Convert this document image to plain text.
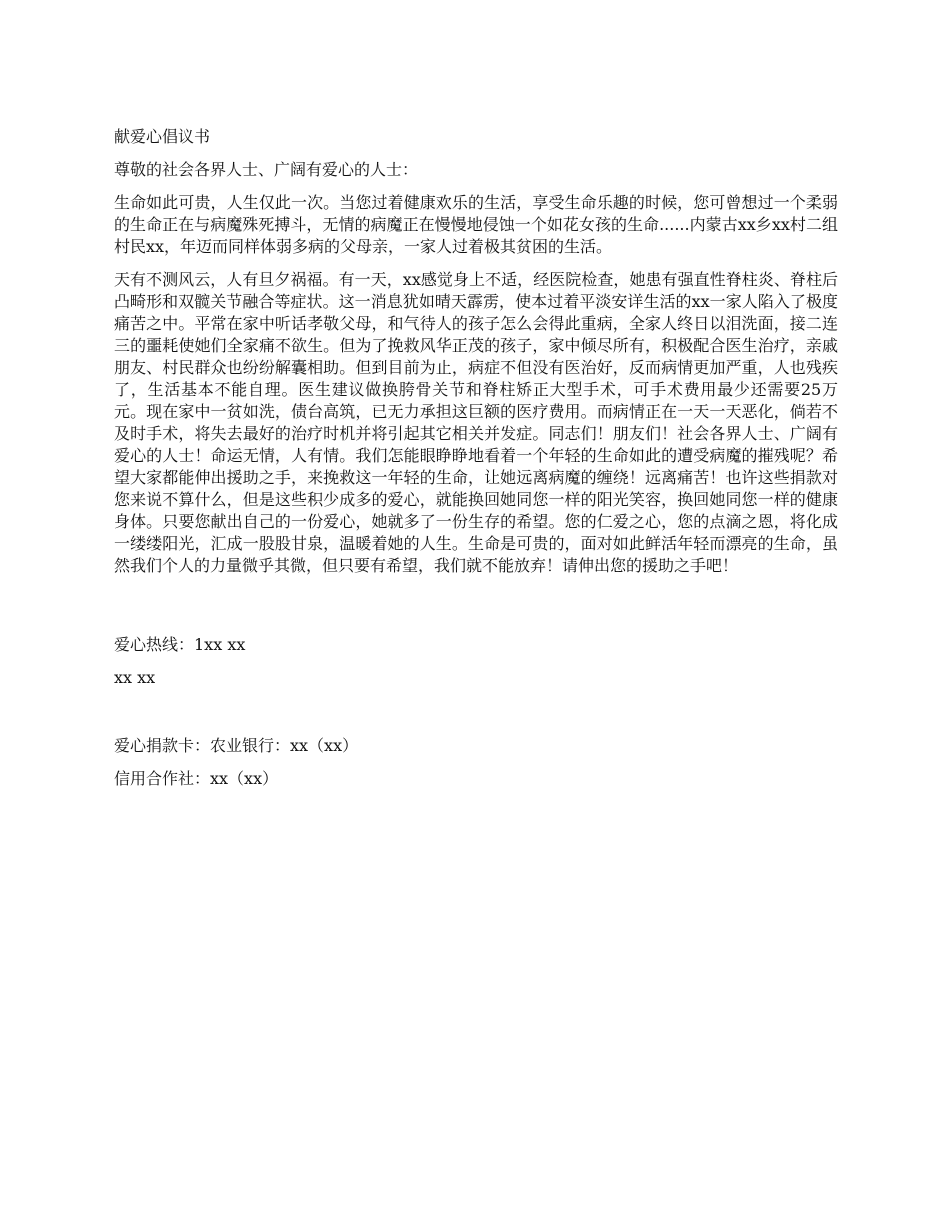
献爱心倡议书

尊敬的社会各界人士、广阔有爱心的人士：

生命如此可贵，人生仅此一次。当您过着健康欢乐的生活，享受生命乐趣的时候，您可曾想过一个柔弱的生命正在与病魔殊死搏斗，无情的病魔正在慢慢地侵蚀一个如花女孩的生命......内蒙古xx乡xx村二组村民xx，年迈而同样体弱多病的父母亲，一家人过着极其贫困的生活。

天有不测风云，人有旦夕祸福。有一天，xx感觉身上不适，经医院检查，她患有强直性脊柱炎、脊柱后凸畸形和双髋关节融合等症状。这一消息犹如晴天霹雳，使本过着平淡安详生活的xx一家人陷入了极度痛苦之中。平常在家中听话孝敬父母，和气待人的孩子怎么会得此重病，全家人终日以泪洗面，接二连三的噩耗使她们全家痛不欲生。但为了挽救风华正茂的孩子，家中倾尽所有，积极配合医生治疗，亲戚朋友、村民群众也纷纷解囊相助。但到目前为止，病症不但没有医治好，反而病情更加严重，人也残疾了，生活基本不能自理。医生建议做换胯骨关节和脊柱矫正大型手术，可手术费用最少还需要25万元。现在家中一贫如洗，债台高筑，已无力承担这巨额的医疗费用。而病情正在一天一天恶化，倘若不及时手术，将失去最好的治疗时机并将引起其它相关并发症。同志们！朋友们！社会各界人士、广阔有爱心的人士！命运无情，人有情。我们怎能眼睁睁地看着一个年轻的生命如此的遭受病魔的摧残呢？希望大家都能伸出援助之手，来挽救这一年轻的生命，让她远离病魔的缠绕！远离痛苦！也许这些捐款对您来说不算什么，但是这些积少成多的爱心，就能换回她同您一样的阳光笑容，换回她同您一样的健康身体。只要您献出自己的一份爱心，她就多了一份生存的希望。您的仁爱之心，您的点滴之恩，将化成一缕缕阳光，汇成一股股甘泉，温暖着她的人生。生命是可贵的，面对如此鲜活年轻而漂亮的生命，虽然我们个人的力量微乎其微，但只要有希望，我们就不能放弃！请伸出您的援助之手吧！

爱心热线：1xx xx

xx xx

爱心捐款卡：农业银行：xx（xx）

信用合作社：xx（xx）
